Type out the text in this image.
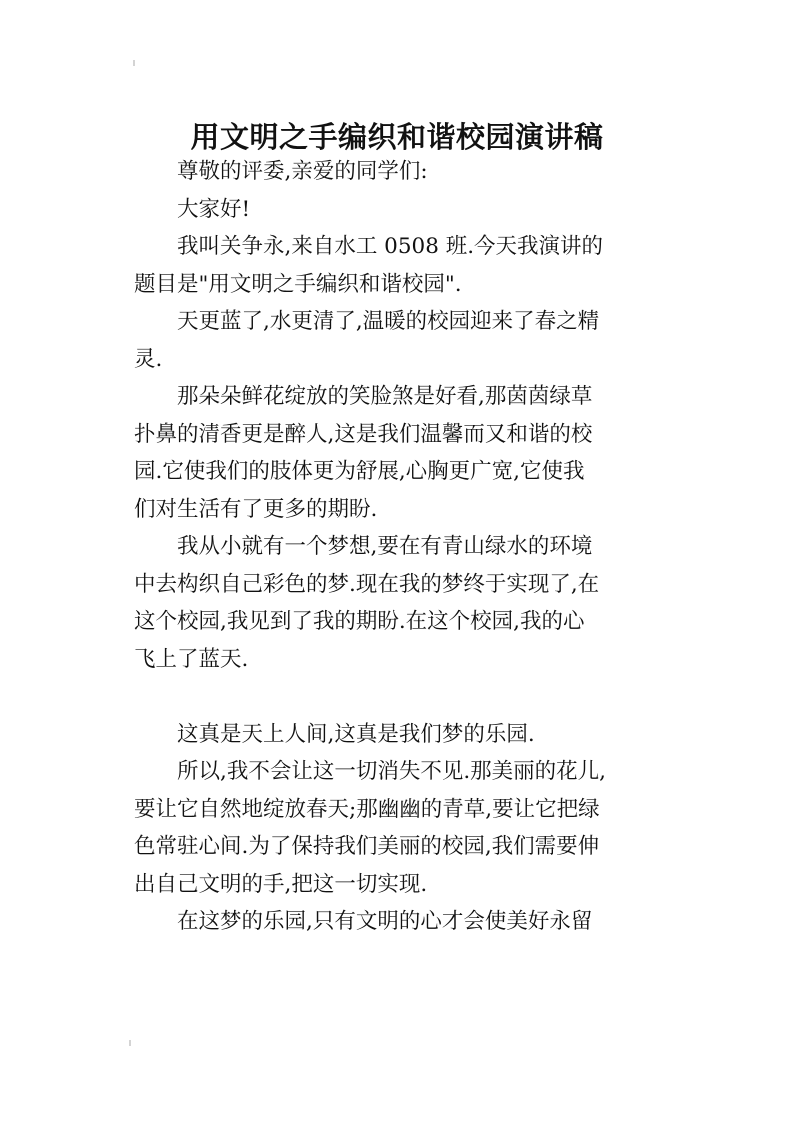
用文明之手编织和谐校园演讲稿

尊敬的评委,亲爱的同学们:

大家好!

我叫关争永,来自水工 0508 班.今天我演讲的
题目是"用文明之手编织和谐校园".

天更蓝了,水更清了,温暖的校园迎来了春之精
灵.

那朵朵鲜花绽放的笑脸煞是好看,那茵茵绿草
扑鼻的清香更是醉人,这是我们温馨而又和谐的校
园.它使我们的肢体更为舒展,心胸更广宽,它使我
们对生活有了更多的期盼.

我从小就有一个梦想,要在有青山绿水的环境
中去构织自己彩色的梦.现在我的梦终于实现了,在
这个校园,我见到了我的期盼.在这个校园,我的心
飞上了蓝天.

这真是天上人间,这真是我们梦的乐园.

所以,我不会让这一切消失不见.那美丽的花儿,
要让它自然地绽放春天;那幽幽的青草,要让它把绿
色常驻心间.为了保持我们美丽的校园,我们需要伸
出自己文明的手,把这一切实现.

在这梦的乐园,只有文明的心才会使美好永留
